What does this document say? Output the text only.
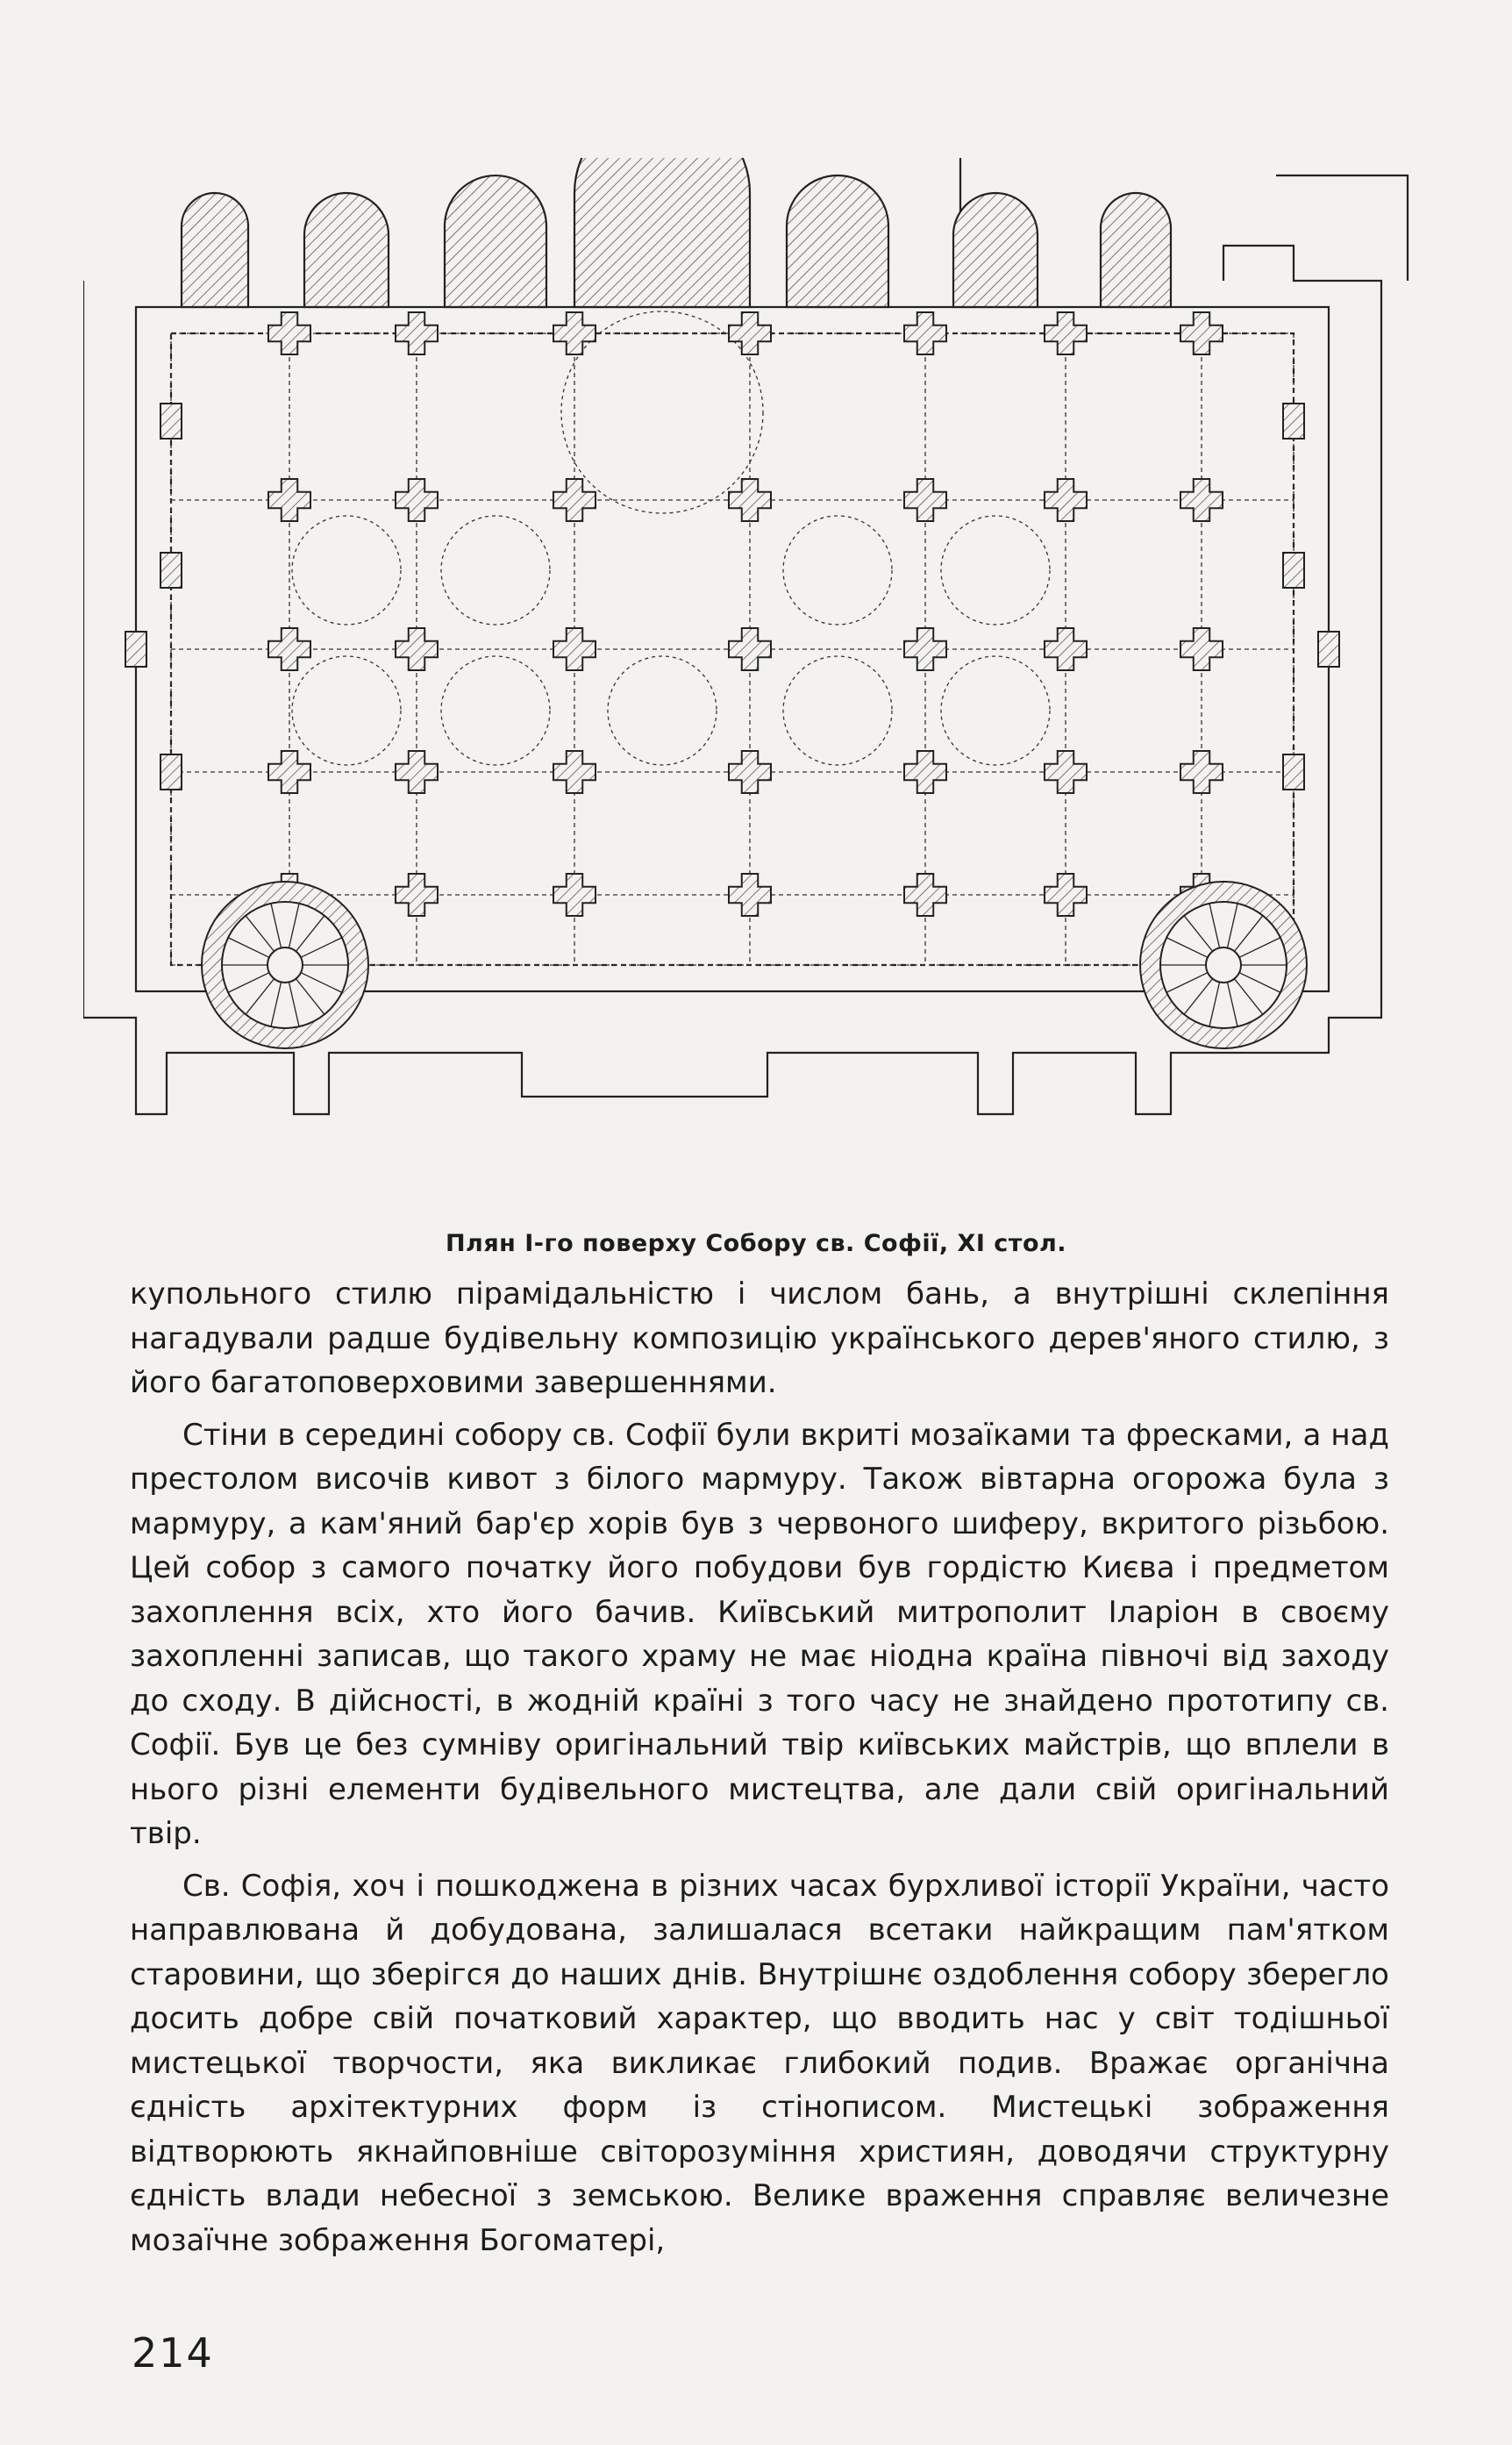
Плян І-го поверху Собору св. Софії, XI стол.

купольного стилю пірамідальністю і числом бань, а внутрішні склепіння нагадували радше будівельну композицію українського дерев'яного стилю, з його багатоповерховими завершеннями.

Стіни в середині собору св. Софії були вкриті мозаїками та фресками, а над престолом височів кивот з білого мармуру. Також вівтарна огорожа була з мармуру, а кам'яний бар'єр хорів був з червоного шиферу, вкритого різьбою. Цей собор з самого початку його побудови був гордістю Києва і предметом захоплення всіх, хто його бачив. Київський митрополит Іларіон в своєму захопленні записав, що такого храму не має ніодна країна півночі від заходу до сходу. В дійсності, в жодній країні з того часу не знайдено прототипу св. Софії. Був це без сумніву оригінальний твір київських майстрів, що вплели в нього різні елементи будівельного мистецтва, але дали свій оригінальний твір.

Св. Софія, хоч і пошкоджена в різних часах бурхливої історії України, часто направлювана й добудована, залишалася всетаки найкращим пам'ятком старовини, що зберігся до наших днів. Внутрішнє оздоблення собору зберегло досить добре свій початковий характер, що вводить нас у світ тодішньої мистецької творчости, яка викликає глибокий подив. Вражає органічна єдність архітектурних форм із стінописом. Мистецькі зображення відтворюють якнайповніше світорозуміння християн, доводячи структурну єдність влади небесної з земською. Велике враження справляє величезне мозаїчне зображення Богоматері,

214
